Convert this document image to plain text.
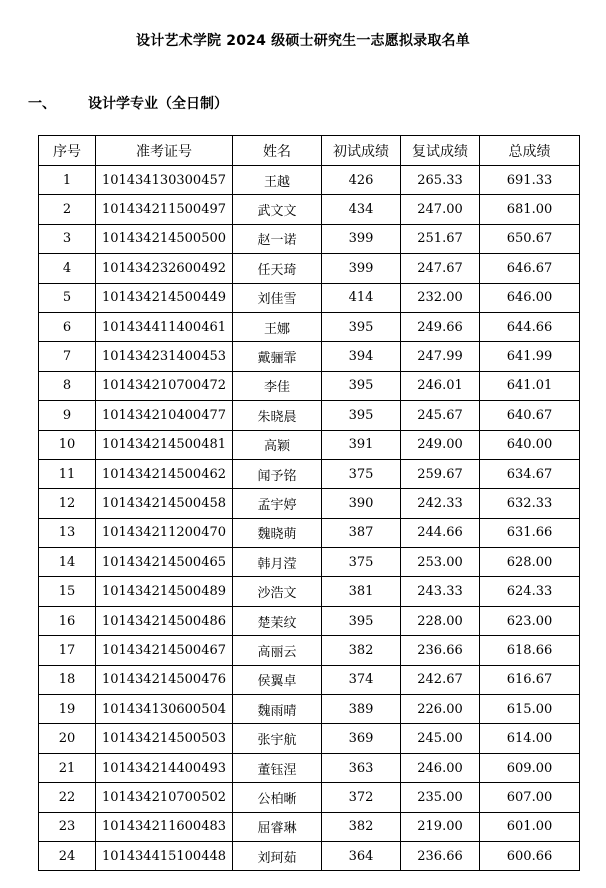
设计艺术学院 2024 级硕士研究生一志愿拟录取名单
一、 设计学专业（全日制）
序号	准考证号	姓名	初试成绩	复试成绩	总成绩
1	101434130300457	王越	426	265.33	691.33
2	101434211500497	武文文	434	247.00	681.00
3	101434214500500	赵一诺	399	251.67	650.67
4	101434232600492	任天琦	399	247.67	646.67
5	101434214500449	刘佳雪	414	232.00	646.00
6	101434411400461	王娜	395	249.66	644.66
7	101434231400453	戴骊霏	394	247.99	641.99
8	101434210700472	李佳	395	246.01	641.01
9	101434210400477	朱晓晨	395	245.67	640.67
10	101434214500481	高颖	391	249.00	640.00
11	101434214500462	闻予铭	375	259.67	634.67
12	101434214500458	孟宇婷	390	242.33	632.33
13	101434211200470	魏晓萌	387	244.66	631.66
14	101434214500465	韩月滢	375	253.00	628.00
15	101434214500489	沙浩文	381	243.33	624.33
16	101434214500486	楚茉纹	395	228.00	623.00
17	101434214500467	高丽云	382	236.66	618.66
18	101434214500476	侯翼卓	374	242.67	616.67
19	101434130600504	魏雨晴	389	226.00	615.00
20	101434214500503	张宇航	369	245.00	614.00
21	101434214400493	董钰涅	363	246.00	609.00
22	101434210700502	公柏晰	372	235.00	607.00
23	101434211600483	屈睿琳	382	219.00	601.00
24	101434415100448	刘珂茹	364	236.66	600.66
